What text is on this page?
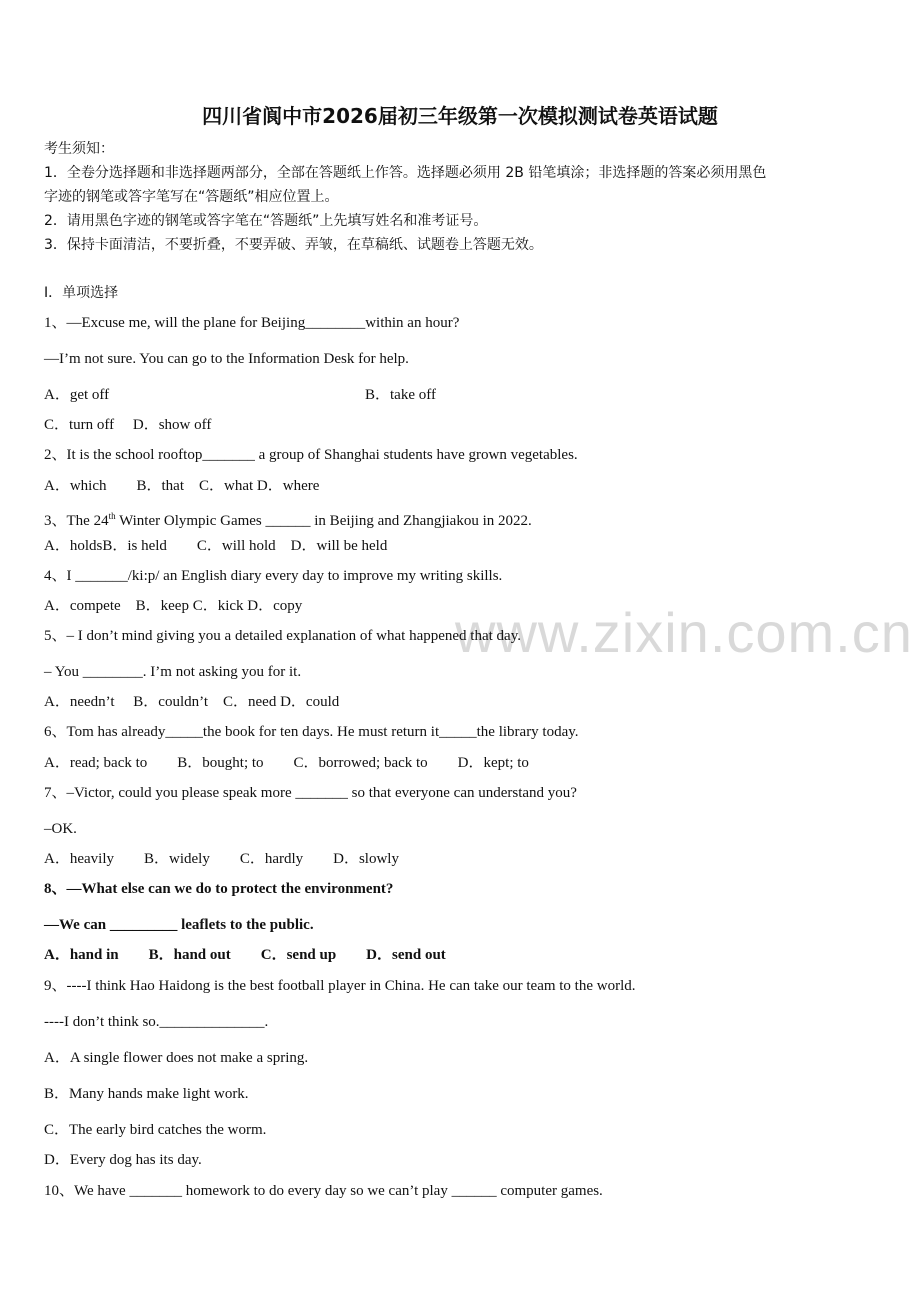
www.zixin.com.cn
四川省阆中市2026届初三年级第一次模拟测试卷英语试题
考生须知：
1．全卷分选择题和非选择题两部分，全部在答题纸上作答。选择题必须用 2B 铅笔填涂；非选择题的答案必须用黑色
字迹的钢笔或答字笔写在“答题纸”相应位置上。
2．请用黑色字迹的钢笔或答字笔在“答题纸”上先填写姓名和准考证号。
3．保持卡面清洁，不要折叠，不要弄破、弄皱，在草稿纸、试题卷上答题无效。
Ⅰ．单项选择
1、—Excuse me, will the plane for Beijing________within an hour?
—I’m not sure. You can go to the Information Desk for help.
A．get off	B．take off
C．turn off　 D．show off
2、It is the school rooftop_______ a group of Shanghai students have grown vegetables.
A．which　　B．that　C．what D．where
3、The 24th Winter Olympic Games ______ in Beijing and Zhangjiakou in 2022.
A．holdsB．is held　　C．will hold　D．will be held
4、I _______/ki:p/ an English diary every day to improve my writing skills.
A．compete　B．keep C．kick D．copy
5、– I don’t mind giving you a detailed explanation of what happened that day.
– You ________. I’m not asking you for it.
A．needn’t　 B．couldn’t　C．need D．could
6、Tom has already_____the book for ten days. He must return it_____the library today.
A．read; back to　　B．bought; to　　C．borrowed; back to　　D．kept; to
7、–Victor, could you please speak more _______ so that everyone can understand you?
–OK.
A．heavily　　B．widely　　C．hardly　　D．slowly
8、—What else can we do to protect the environment?
—We can _________ leaflets to the public.
A．hand in　　B．hand out　　C．send up　　D．send out
9、----I think Hao Haidong is the best football player in China. He can take our team to the world.
----I don’t think so.______________.
A．A single flower does not make a spring.
B．Many hands make light work.
C．The early bird catches the worm.
D．Every dog has its day.
10、We have _______ homework to do every day so we can’t play ______ computer games.
